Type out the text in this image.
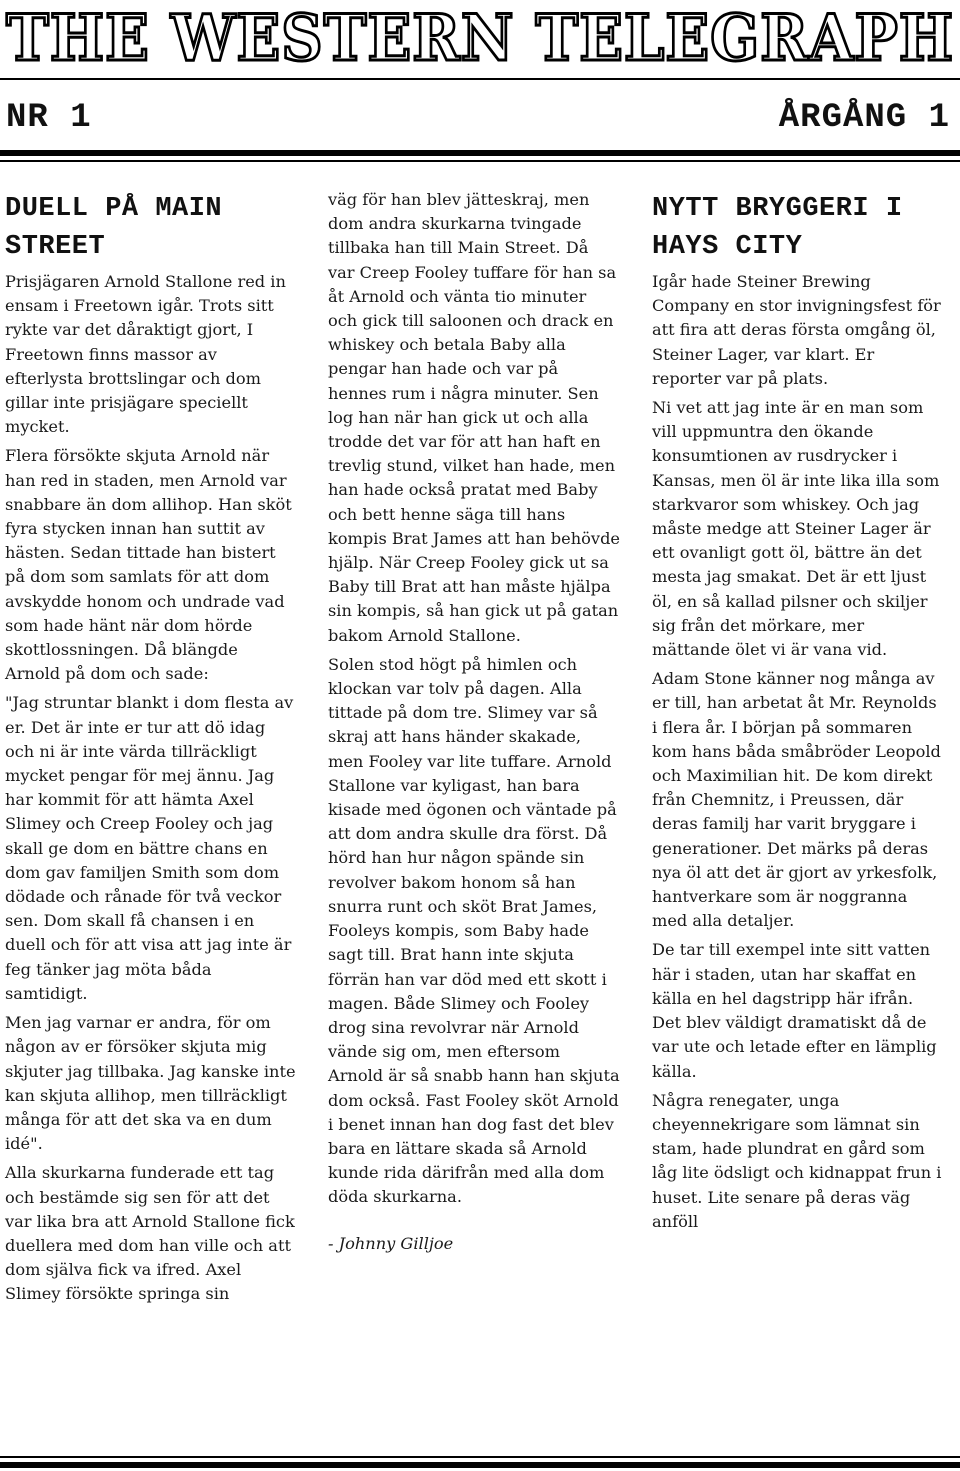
THE WESTERN TELEGRAPH
NR 1	ÅRGÅNG 1
DUELL PÅ MAIN STREET

Prisjägaren Arnold Stallone red in ensam i Freetown igår. Trots sitt rykte var det dåraktigt gjort, I Freetown finns massor av efterlysta brottslingar och dom gillar inte prisjägare speciellt mycket.

Flera försökte skjuta Arnold när han red in staden, men Arnold var snabbare än dom allihop. Han sköt fyra stycken innan han suttit av hästen. Sedan tittade han bistert på dom som samlats för att dom avskydde honom och undrade vad som hade hänt när dom hörde skottlossningen. Då blängde Arnold på dom och sade:

"Jag struntar blankt i dom flesta av er. Det är inte er tur att dö idag och ni är inte värda tillräckligt mycket pengar för mej ännu. Jag har kommit för att hämta Axel Slimey och Creep Fooley och jag skall ge dom en bättre chans en dom gav familjen Smith som dom dödade och rånade för två veckor sen. Dom skall få chansen i en duell och för att visa att jag inte är feg tänker jag möta båda samtidigt.

Men jag varnar er andra, för om någon av er försöker skjuta mig skjuter jag tillbaka. Jag kanske inte kan skjuta allihop, men tillräckligt många för att det ska va en dum idé".

Alla skurkarna funderade ett tag och bestämde sig sen för att det var lika bra att Arnold Stallone fick duellera med dom han ville och att dom själva fick va ifred. Axel Slimey försökte springa sin

väg för han blev jätteskraj, men dom andra skurkarna tvingade tillbaka han till Main Street. Då var Creep Fooley tuffare för han sa åt Arnold och vänta tio minuter och gick till saloonen och drack en whiskey och betala Baby alla pengar han hade och var på hennes rum i några minuter. Sen log han när han gick ut och alla trodde det var för att han haft en trevlig stund, vilket han hade, men han hade också pratat med Baby och bett henne säga till hans kompis Brat James att han behövde hjälp. När Creep Fooley gick ut sa Baby till Brat att han måste hjälpa sin kompis, så han gick ut på gatan bakom Arnold Stallone.

Solen stod högt på himlen och klockan var tolv på dagen. Alla tittade på dom tre. Slimey var så skraj att hans händer skakade, men Fooley var lite tuffare. Arnold Stallone var kyligast, han bara kisade med ögonen och väntade på att dom andra skulle dra först. Då hörd han hur någon spände sin revolver bakom honom så han snurra runt och sköt Brat James, Fooleys kompis, som Baby hade sagt till. Brat hann inte skjuta förrän han var död med ett skott i magen. Både Slimey och Fooley drog sina revolvrar när Arnold vände sig om, men eftersom Arnold är så snabb hann han skjuta dom också. Fast Fooley sköt Arnold i benet innan han dog fast det blev bara en lättare skada så Arnold kunde rida därifrån med alla dom döda skurkarna.

- Johnny Gilljoe

NYTT BRYGGERI I HAYS CITY

Igår hade Steiner Brewing Company en stor invigningsfest för att fira att deras första omgång öl, Steiner Lager, var klart. Er reporter var på plats.

Ni vet att jag inte är en man som vill uppmuntra den ökande konsumtionen av rusdrycker i Kansas, men öl är inte lika illa som starkvaror som whiskey. Och jag måste medge att Steiner Lager är ett ovanligt gott öl, bättre än det mesta jag smakat. Det är ett ljust öl, en så kallad pilsner och skiljer sig från det mörkare, mer mättande ölet vi är vana vid.

Adam Stone känner nog många av er till, han arbetat åt Mr. Reynolds i flera år. I början på sommaren kom hans båda småbröder Leopold och Maximilian hit. De kom direkt från Chemnitz, i Preussen, där deras familj har varit bryggare i generationer. Det märks på deras nya öl att det är gjort av yrkesfolk, hantverkare som är noggranna med alla detaljer.

De tar till exempel inte sitt vatten här i staden, utan har skaffat en källa en hel dagstripp här ifrån. Det blev väldigt dramatiskt då de var ute och letade efter en lämplig källa.

Några renegater, unga cheyennekrigare som lämnat sin stam, hade plundrat en gård som låg lite ödsligt och kidnappat frun i huset. Lite senare på deras väg anföll
